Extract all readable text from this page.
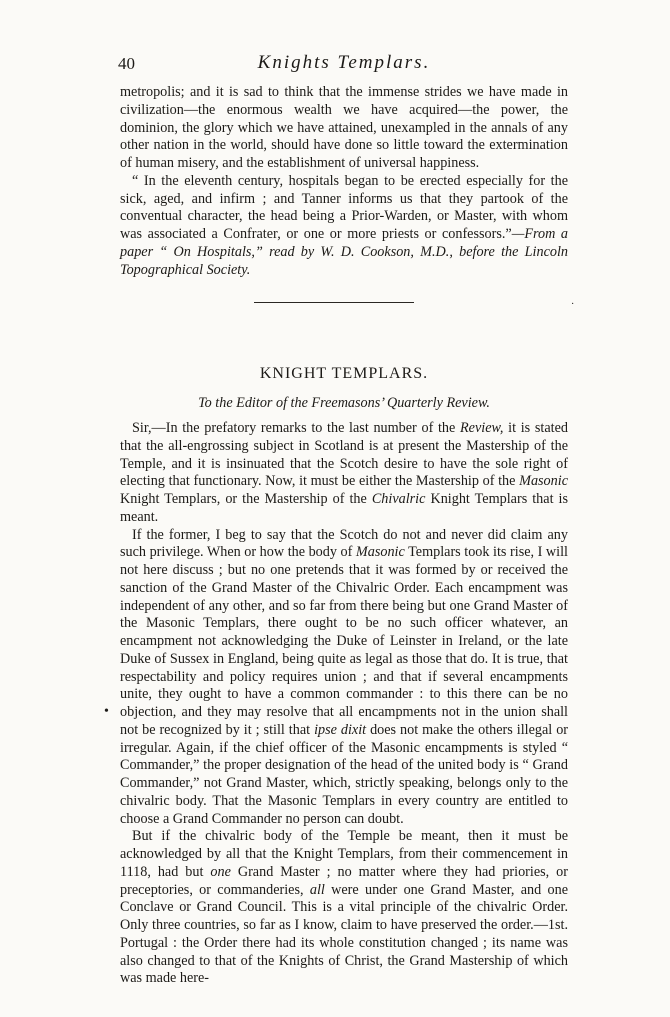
40	Knights Templars.

metropolis; and it is sad to think that the immense strides we have made in civilization—the enormous wealth we have acquired—the power, the dominion, the glory which we have attained, unexampled in the annals of any other nation in the world, should have done so little toward the extermination of human misery, and the establishment of universal happiness.

“ In the eleventh century, hospitals began to be erected especially for the sick, aged, and infirm ; and Tanner informs us that they partook of the conventual character, the head being a Prior-Warden, or Master, with whom was associated a Confrater, or one or more priests or confessors.”—From a paper “ On Hospitals,” read by W. D. Cookson, M.D., before the Lincoln Topographical Society.

·
KNIGHT TEMPLARS.
To the Editor of the Freemasons’ Quarterly Review.

Sir,—In the prefatory remarks to the last number of the Review, it is stated that the all-engrossing subject in Scotland is at present the Mastership of the Temple, and it is insinuated that the Scotch desire to have the sole right of electing that functionary. Now, it must be either the Mastership of the Masonic Knight Templars, or the Mastership of the Chivalric Knight Templars that is meant.

If the former, I beg to say that the Scotch do not and never did claim any such privilege. When or how the body of Masonic Templars took its rise, I will not here discuss ; but no one pretends that it was formed by or received the sanction of the Grand Master of the Chivalric Order. Each encampment was independent of any other, and so far from there being but one Grand Master of the Masonic Templars, there ought to be no such officer whatever, an encampment not acknowledging the Duke of Leinster in Ireland, or the late Duke of Sussex in England, being quite as legal as those that do. It is true, that respectability and policy requires union ; and that if several encampments unite, they ought to have a common commander : to this there can be no objection, and they may resolve that all encampments not in the union shall not be recognized by it ; still that ipse dixit does not make the others illegal or irregular. Again, if the chief officer of the Masonic encampments is styled “ Commander,” the proper designation of the head of the united body is “ Grand Commander,” not Grand Master, which, strictly speaking, belongs only to the chivalric body. That the Masonic Templars in every country are entitled to choose a Grand Commander no person can doubt.

But if the chivalric body of the Temple be meant, then it must be acknowledged by all that the Knight Templars, from their commencement in 1118, had but one Grand Master ; no matter where they had priories, or preceptories, or commanderies, all were under one Grand Master, and one Conclave or Grand Council. This is a vital principle of the chivalric Order. Only three countries, so far as I know, claim to have preserved the order.—1st. Portugal : the Order there had its whole constitution changed ; its name was also changed to that of the Knights of Christ, the Grand Mastership of which was made here-

•
